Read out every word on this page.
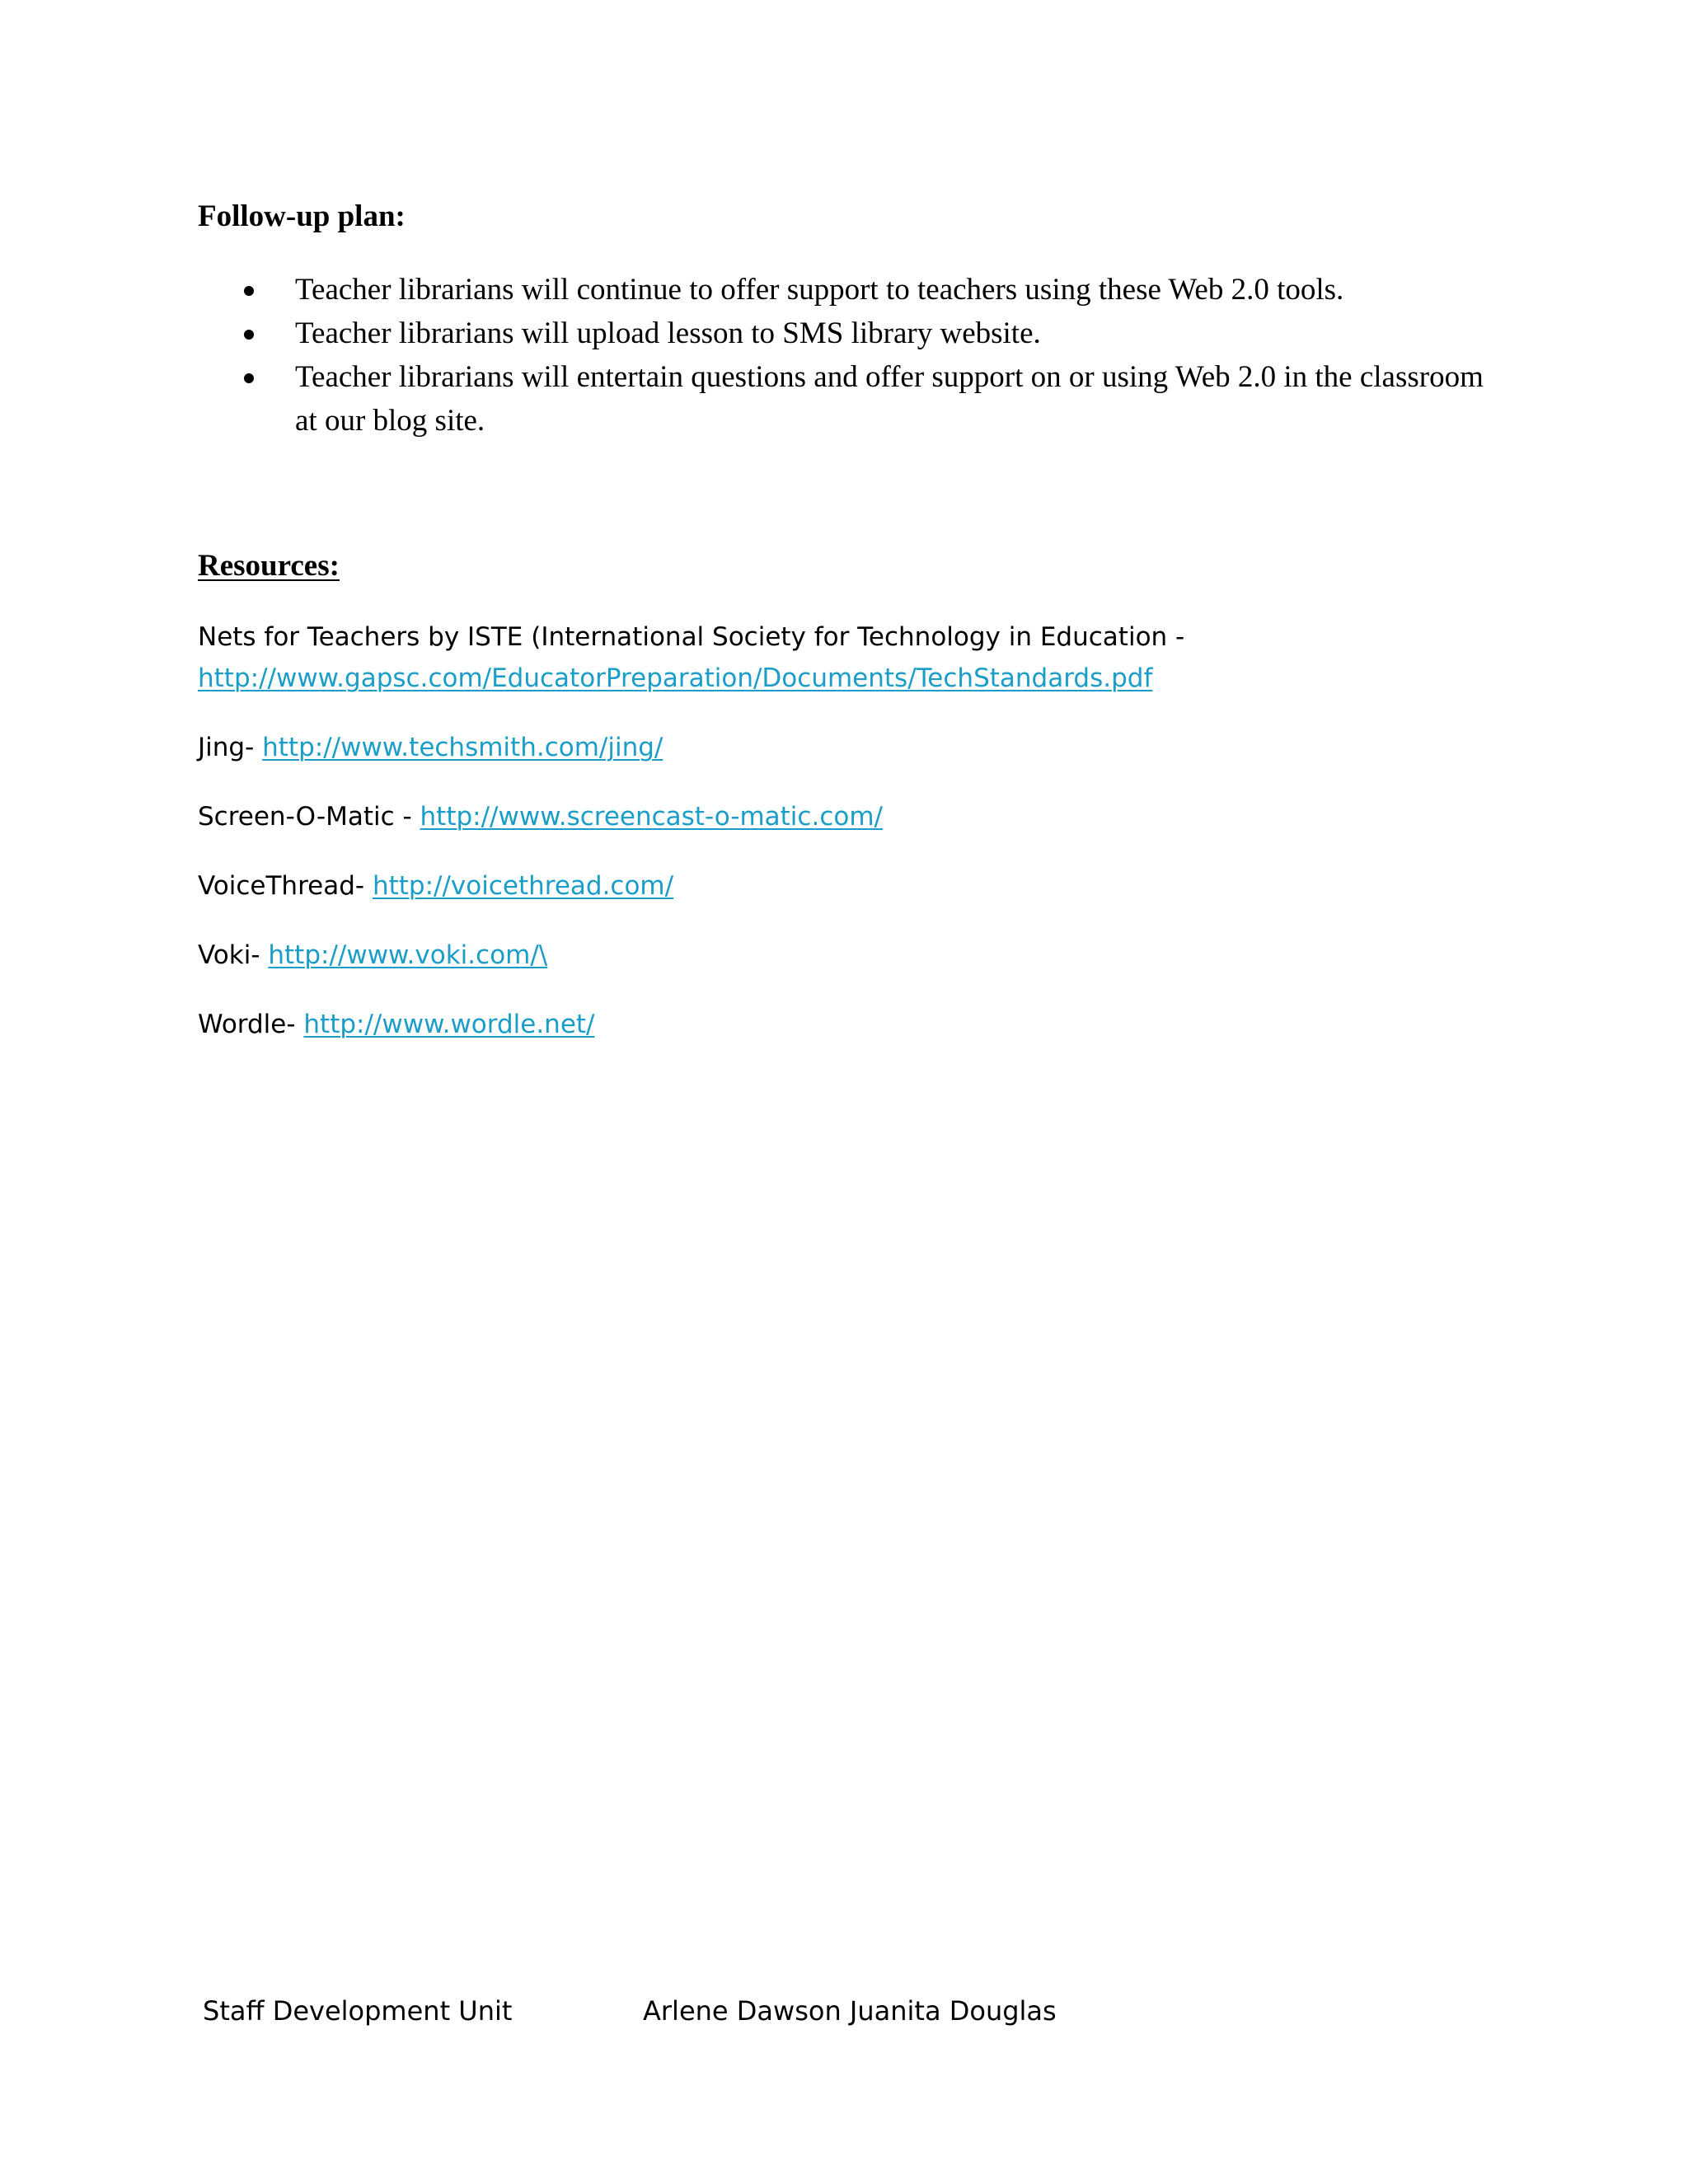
Follow-up plan:
Teacher librarians will continue to offer support to teachers using these Web 2.0 tools.
Teacher librarians will upload lesson to SMS library website.
Teacher librarians will entertain questions and offer support on or using Web 2.0 in the classroom at our blog site.
Resources:
Nets for Teachers by ISTE (International Society for Technology in Education -
http://www.gapsc.com/EducatorPreparation/Documents/TechStandards.pdf
Jing- http://www.techsmith.com/jing/
Screen-O-Matic - http://www.screencast-o-matic.com/
VoiceThread- http://voicethread.com/
Voki- http://www.voki.com/\
Wordle- http://www.wordle.net/
Staff Development Unit	Arlene Dawson Juanita Douglas
